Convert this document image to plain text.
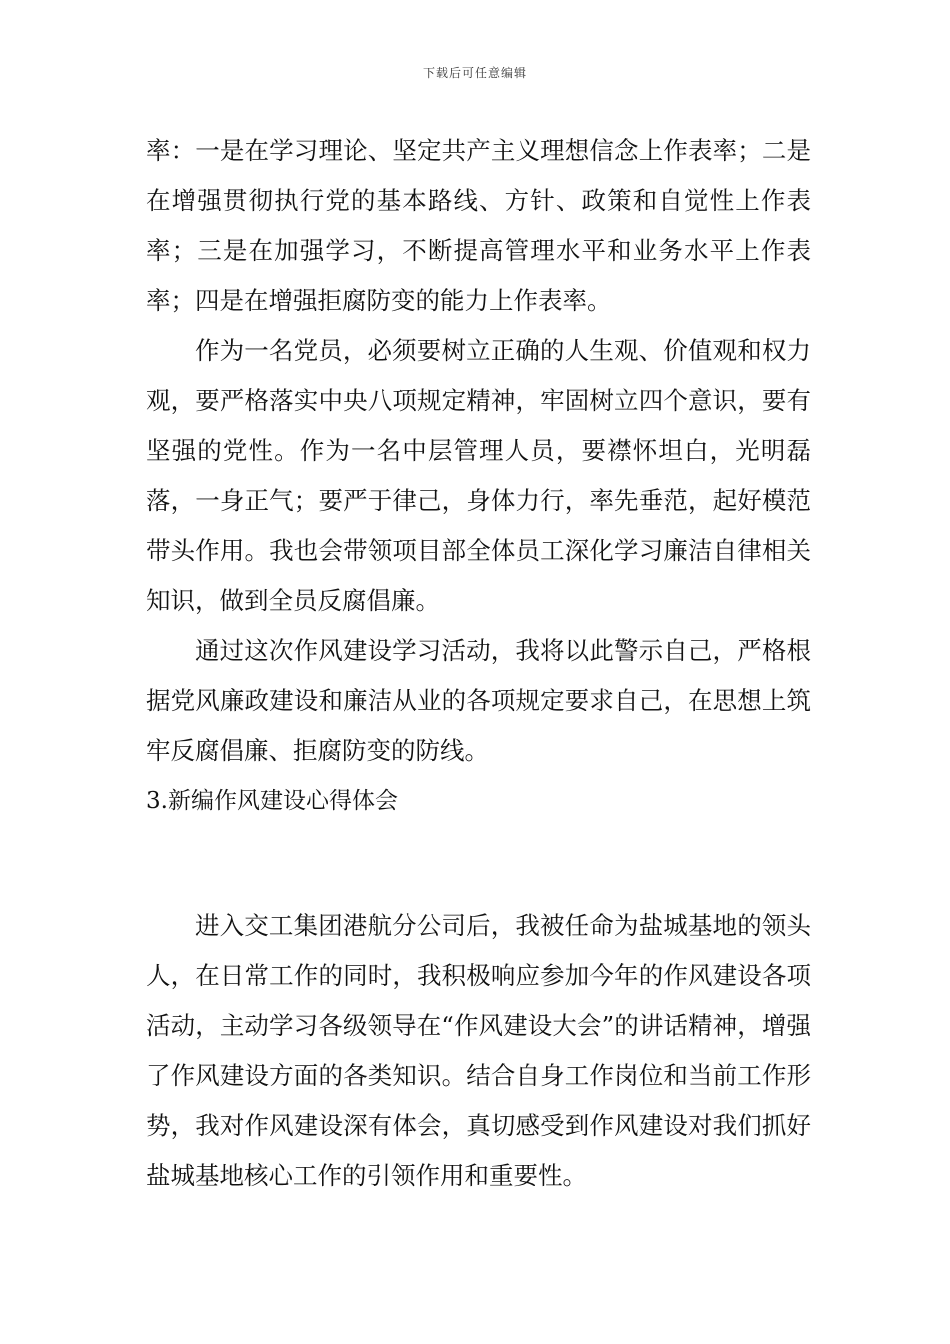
下载后可任意编辑

率：一是在学习理论、坚定共产主义理想信念上作表率；二是在增强贯彻执行党的基本路线、方针、政策和自觉性上作表率；三是在加强学习，不断提高管理水平和业务水平上作表率；四是在增强拒腐防变的能力上作表率。

作为一名党员，必须要树立正确的人生观、价值观和权力观，要严格落实中央八项规定精神，牢固树立四个意识，要有坚强的党性。作为一名中层管理人员，要襟怀坦白，光明磊落，一身正气；要严于律己，身体力行，率先垂范，起好模范带头作用。我也会带领项目部全体员工深化学习廉洁自律相关知识，做到全员反腐倡廉。

通过这次作风建设学习活动，我将以此警示自己，严格根据党风廉政建设和廉洁从业的各项规定要求自己，在思想上筑牢反腐倡廉、拒腐防变的防线。

3.新编作风建设心得体会

进入交工集团港航分公司后，我被任命为盐城基地的领头人，在日常工作的同时，我积极响应参加今年的作风建设各项活动，主动学习各级领导在“作风建设大会”的讲话精神，增强了作风建设方面的各类知识。结合自身工作岗位和当前工作形势，我对作风建设深有体会，真切感受到作风建设对我们抓好盐城基地核心工作的引领作用和重要性。
